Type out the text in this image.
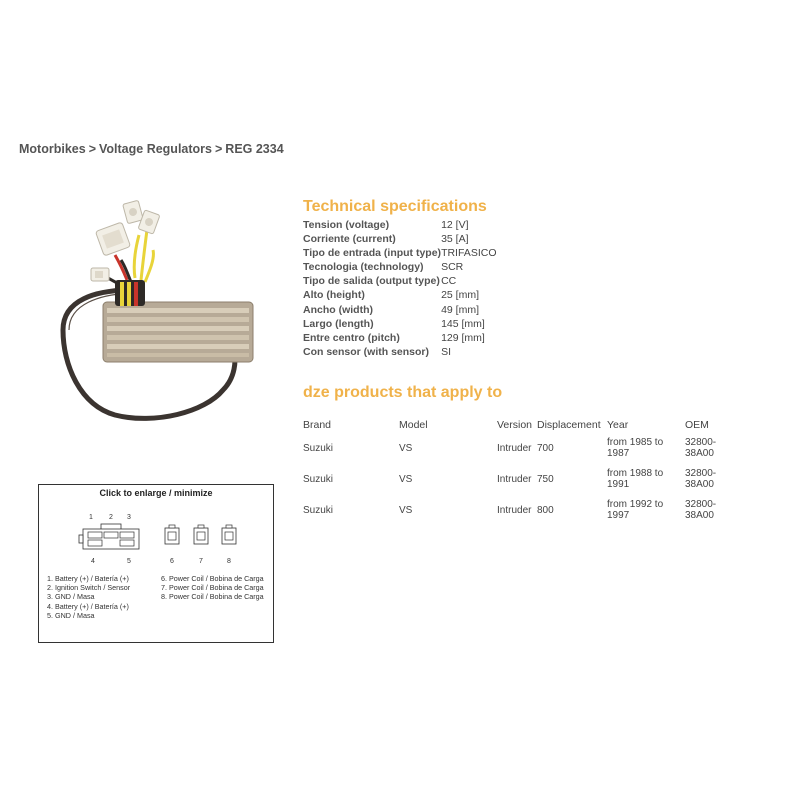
Motorbikes > Voltage Regulators > REG 2334
Technical specifications
Tension (voltage)	12 [V]
Corriente (current)	35 [A]
Tipo de entrada (input type)	TRIFASICO
Tecnologia (technology)	SCR
Tipo de salida (output type)	CC
Alto (height)	25 [mm]
Ancho (width)	49 [mm]
Largo (length)	145 [mm]
Entre centro (pitch)	129 [mm]
Con sensor (with sensor)	SI
dze products that apply to
Brand	Model	Version	Displacement	Year	OEM
Suzuki	VS	Intruder	700	from 1985 to 1987	32800-38A00
Suzuki	VS	Intruder	750	from 1988 to 1991	32800-38A00
Suzuki	VS	Intruder	800	from 1992 to 1997	32800-38A00
Click to enlarge / minimize
1 2 3
4	5	6	7	8
1. Battery (+) / Batería (+)
2. Ignition Switch / Sensor
3. GND / Masa
4. Battery (+) / Batería (+)
5. GND / Masa
6. Power Coil / Bobina de Carga
7. Power Coil / Bobina de Carga
8. Power Coil / Bobina de Carga
